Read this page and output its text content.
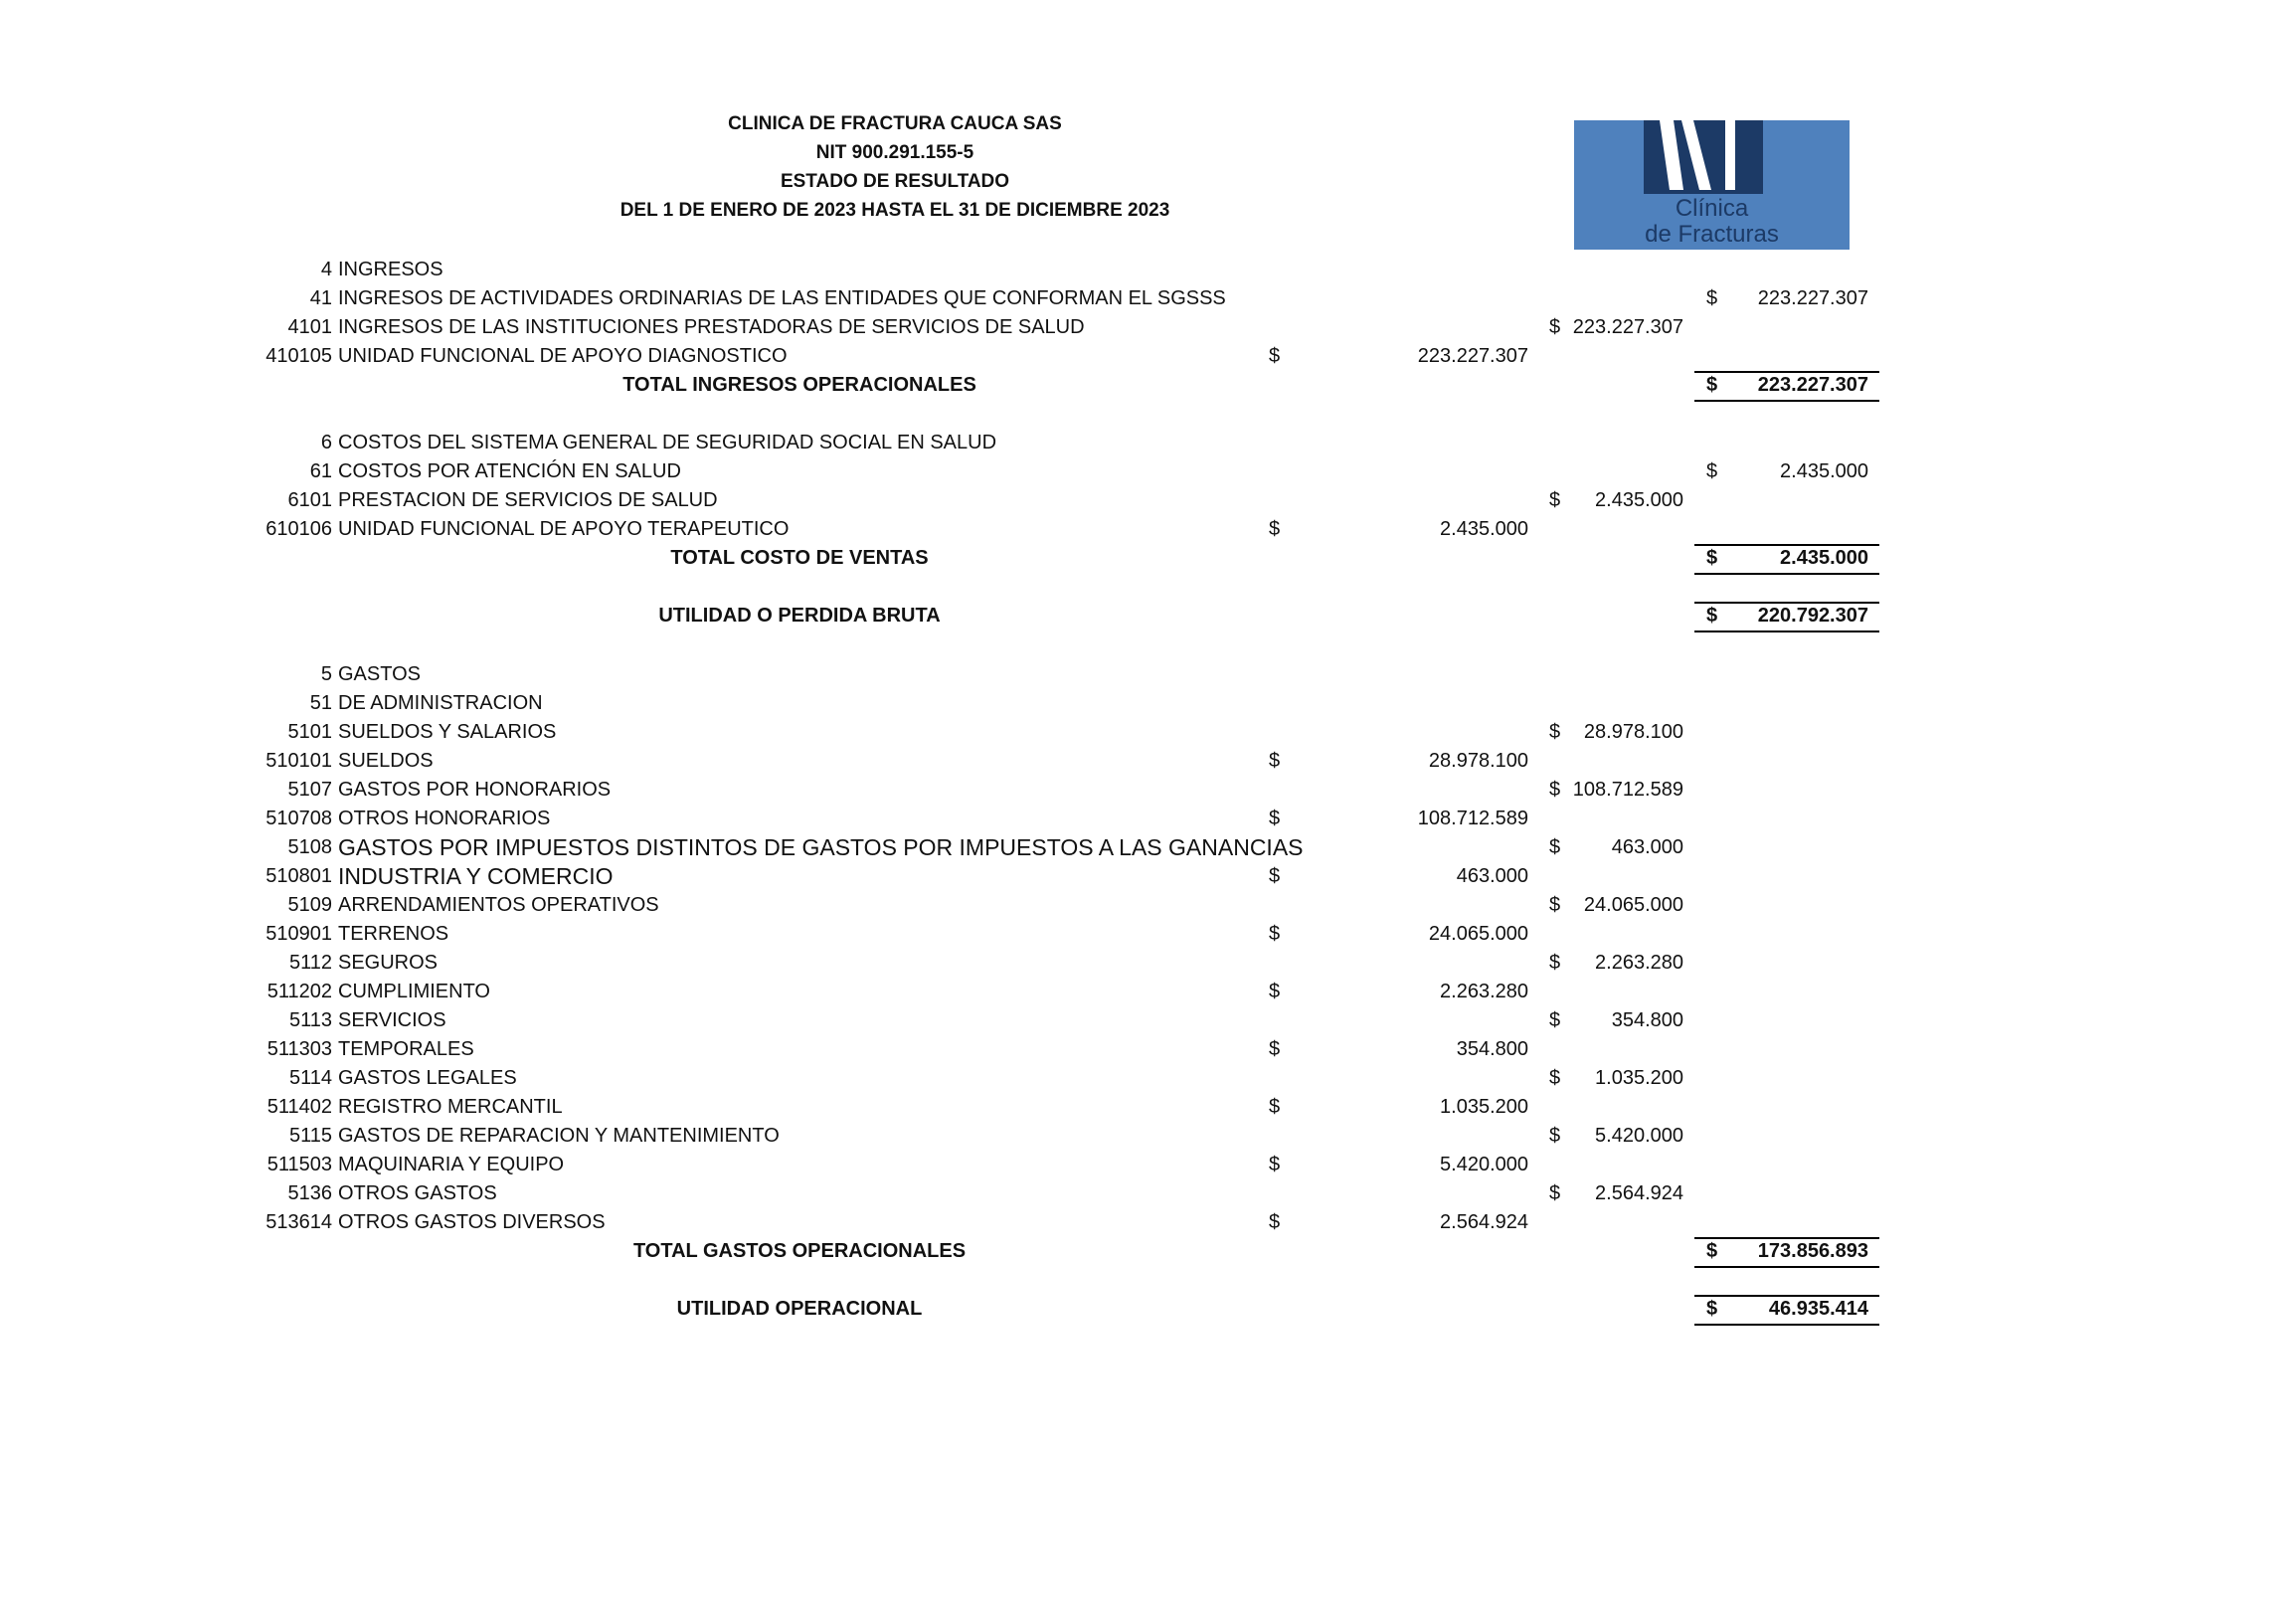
CLINICA DE FRACTURA CAUCA SAS
NIT 900.291.155-5
ESTADO DE RESULTADO
DEL 1 DE ENERO DE 2023 HASTA EL 31 DE DICIEMBRE 2023	Clínica
de Fracturas
4 INGRESOS
41 INGRESOS DE ACTIVIDADES ORDINARIAS DE LAS ENTIDADES QUE CONFORMAN EL SGSSS	$ 223.227.307
4101 INGRESOS DE LAS INSTITUCIONES PRESTADORAS DE SERVICIOS DE SALUD	$ 223.227.307
410105 UNIDAD FUNCIONAL DE APOYO DIAGNOSTICO	$	223.227.307
TOTAL INGRESOS OPERACIONALES	$ 223.227.307
6 COSTOS DEL SISTEMA GENERAL DE SEGURIDAD SOCIAL EN SALUD
61 COSTOS POR ATENCIÓN EN SALUD	$	2.435.000
6101 PRESTACION DE SERVICIOS DE SALUD	$ 2.435.000
610106 UNIDAD FUNCIONAL DE APOYO TERAPEUTICO	$	2.435.000
TOTAL COSTO DE VENTAS	$	2.435.000
UTILIDAD O PERDIDA BRUTA	$ 220.792.307
5 GASTOS
51 DE ADMINISTRACION
5101 SUELDOS Y SALARIOS	$ 28.978.100
510101 SUELDOS	$	28.978.100
5107 GASTOS POR HONORARIOS	$ 108.712.589
510708 OTROS HONORARIOS	$	108.712.589
5108 GASTOS POR IMPUESTOS DISTINTOS DE GASTOS POR IMPUESTOS A LAS GANANCIAS	$	463.000
510801 INDUSTRIA Y COMERCIO	$	463.000
5109 ARRENDAMIENTOS OPERATIVOS	$ 24.065.000
510901 TERRENOS	$	24.065.000
5112 SEGUROS	$ 2.263.280
511202 CUMPLIMIENTO	$	2.263.280
5113 SERVICIOS	$	354.800
511303 TEMPORALES	$	354.800
5114 GASTOS LEGALES	$ 1.035.200
511402 REGISTRO MERCANTIL	$	1.035.200
5115 GASTOS DE REPARACION Y MANTENIMIENTO	$ 5.420.000
511503 MAQUINARIA Y EQUIPO	$	5.420.000
5136 OTROS GASTOS	$ 2.564.924
513614 OTROS GASTOS DIVERSOS	$	2.564.924
TOTAL GASTOS OPERACIONALES	$ 173.856.893
UTILIDAD OPERACIONAL	$	46.935.414
